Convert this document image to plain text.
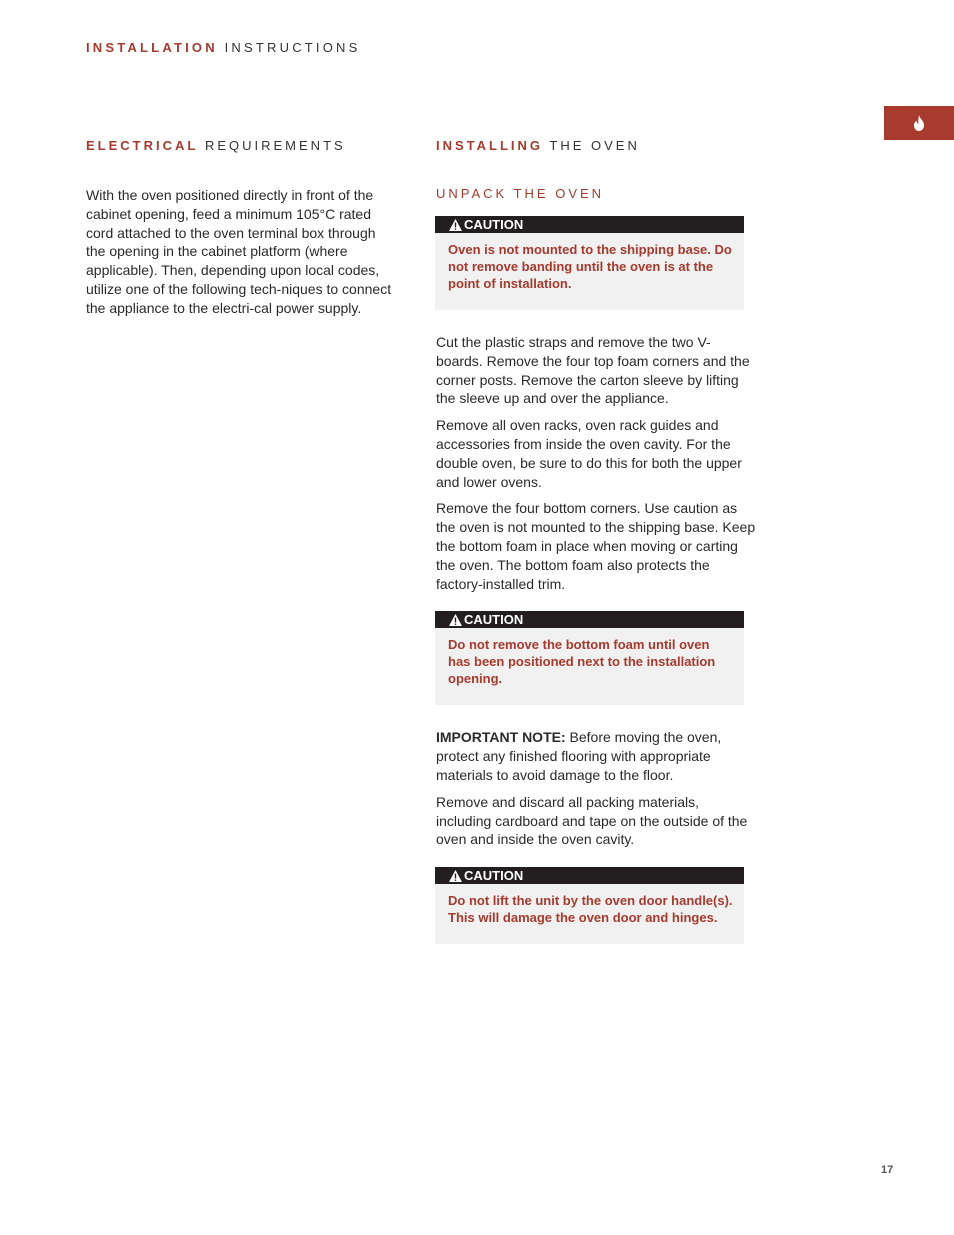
INSTALLATION INSTRUCTIONS
ELECTRICAL REQUIREMENTS	INSTALLING THE OVEN

With the oven positioned directly in front of the cabinet opening, feed a minimum 105°C rated cord attached to the oven terminal box through the opening in the cabinet platform (where applicable). Then, depending upon local codes, utilize one of the following tech-niques to connect the appliance to the electri-cal power supply.

UNPACK THE OVEN

CAUTION
Oven is not mounted to the shipping base. Do not remove banding until the oven is at the point of installation.

Cut the plastic straps and remove the two V-boards. Remove the four top foam corners and the corner posts. Remove the carton sleeve by lifting the sleeve up and over the appliance.

Remove all oven racks, oven rack guides and accessories from inside the oven cavity. For the double oven, be sure to do this for both the upper and lower ovens.

Remove the four bottom corners. Use caution as the oven is not mounted to the shipping base. Keep the bottom foam in place when moving or carting the oven. The bottom foam also protects the factory-installed trim.

CAUTION
Do not remove the bottom foam until oven has been positioned next to the installation opening.

IMPORTANT NOTE: Before moving the oven, protect any finished flooring with appropriate materials to avoid damage to the floor.

Remove and discard all packing materials, including cardboard and tape on the outside of the oven and inside the oven cavity.

CAUTION
Do not lift the unit by the oven door handle(s). This will damage the oven door and hinges.
17
